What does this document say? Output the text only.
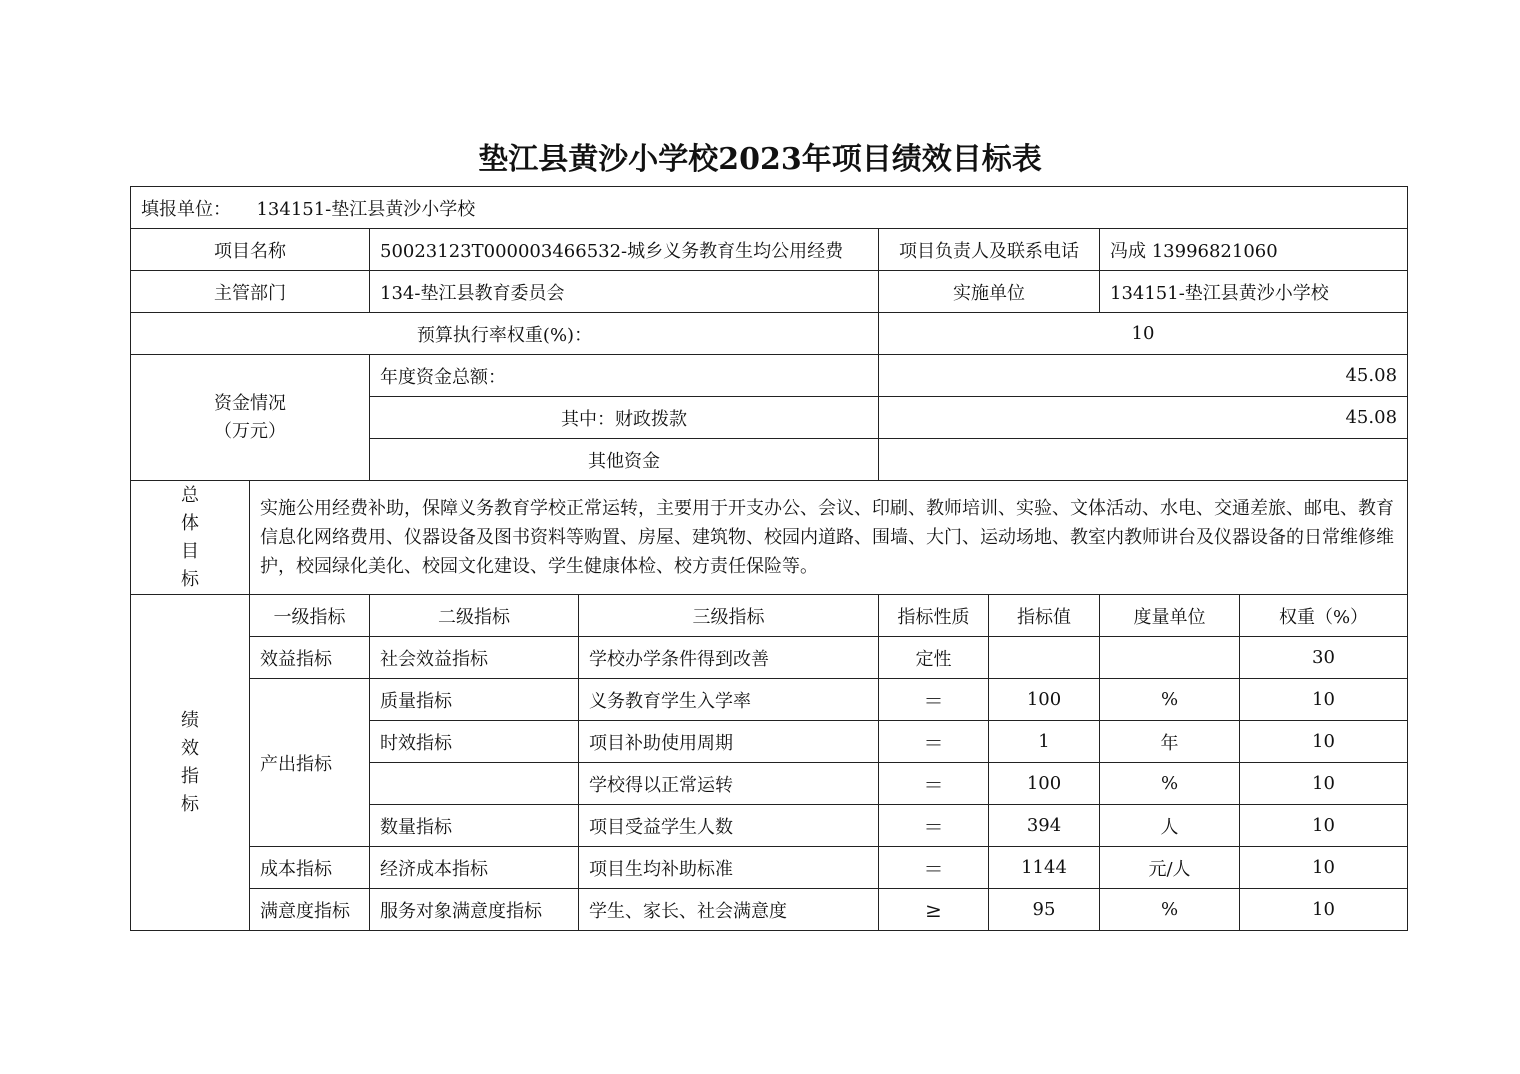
垫江县黄沙小学校2023年项目绩效目标表
填报单位： 134151-垫江县黄沙小学校							
项目名称		50023123T000003466532-城乡义务教育生均公用经费		项目负责人及联系电话		冯成 13996821060	
主管部门		134-垫江县教育委员会		实施单位		134151-垫江县黄沙小学校	
预算执行率权重(%)：				10			

资金情况
（万元）		年度资金总额：		45.08			
		其中：财政拨款		45.08			
		其他资金					

总
体
目
标	实施公用经费补助，保障义务教育学校正常运转，主要用于开支办公、会议、印刷、教师培训、实验、文体活动、水电、交通差旅、邮电、教育信息化网络费用、仪器设备及图书资料等购置、房屋、建筑物、校园内道路、围墙、大门、运动场地、教室内教师讲台及仪器设备的日常维修维护，校园绿化美化、校园文化建设、学生健康体检、校方责任保险等。						

绩
效
指
标	一级指标	二级指标	三级指标	指标性质	指标值	度量单位	权重（%）
	效益指标	社会效益指标	学校办学条件得到改善	定性			30
	产出指标	质量指标	义务教育学生入学率	＝	100	%	10
		时效指标	项目补助使用周期	＝	1	年	10
			学校得以正常运转	＝	100	%	10
		数量指标	项目受益学生人数	＝	394	人	10
	成本指标	经济成本指标	项目生均补助标准	＝	1144	元/人	10
	满意度指标	服务对象满意度指标	学生、家长、社会满意度	≥	95	%	10
